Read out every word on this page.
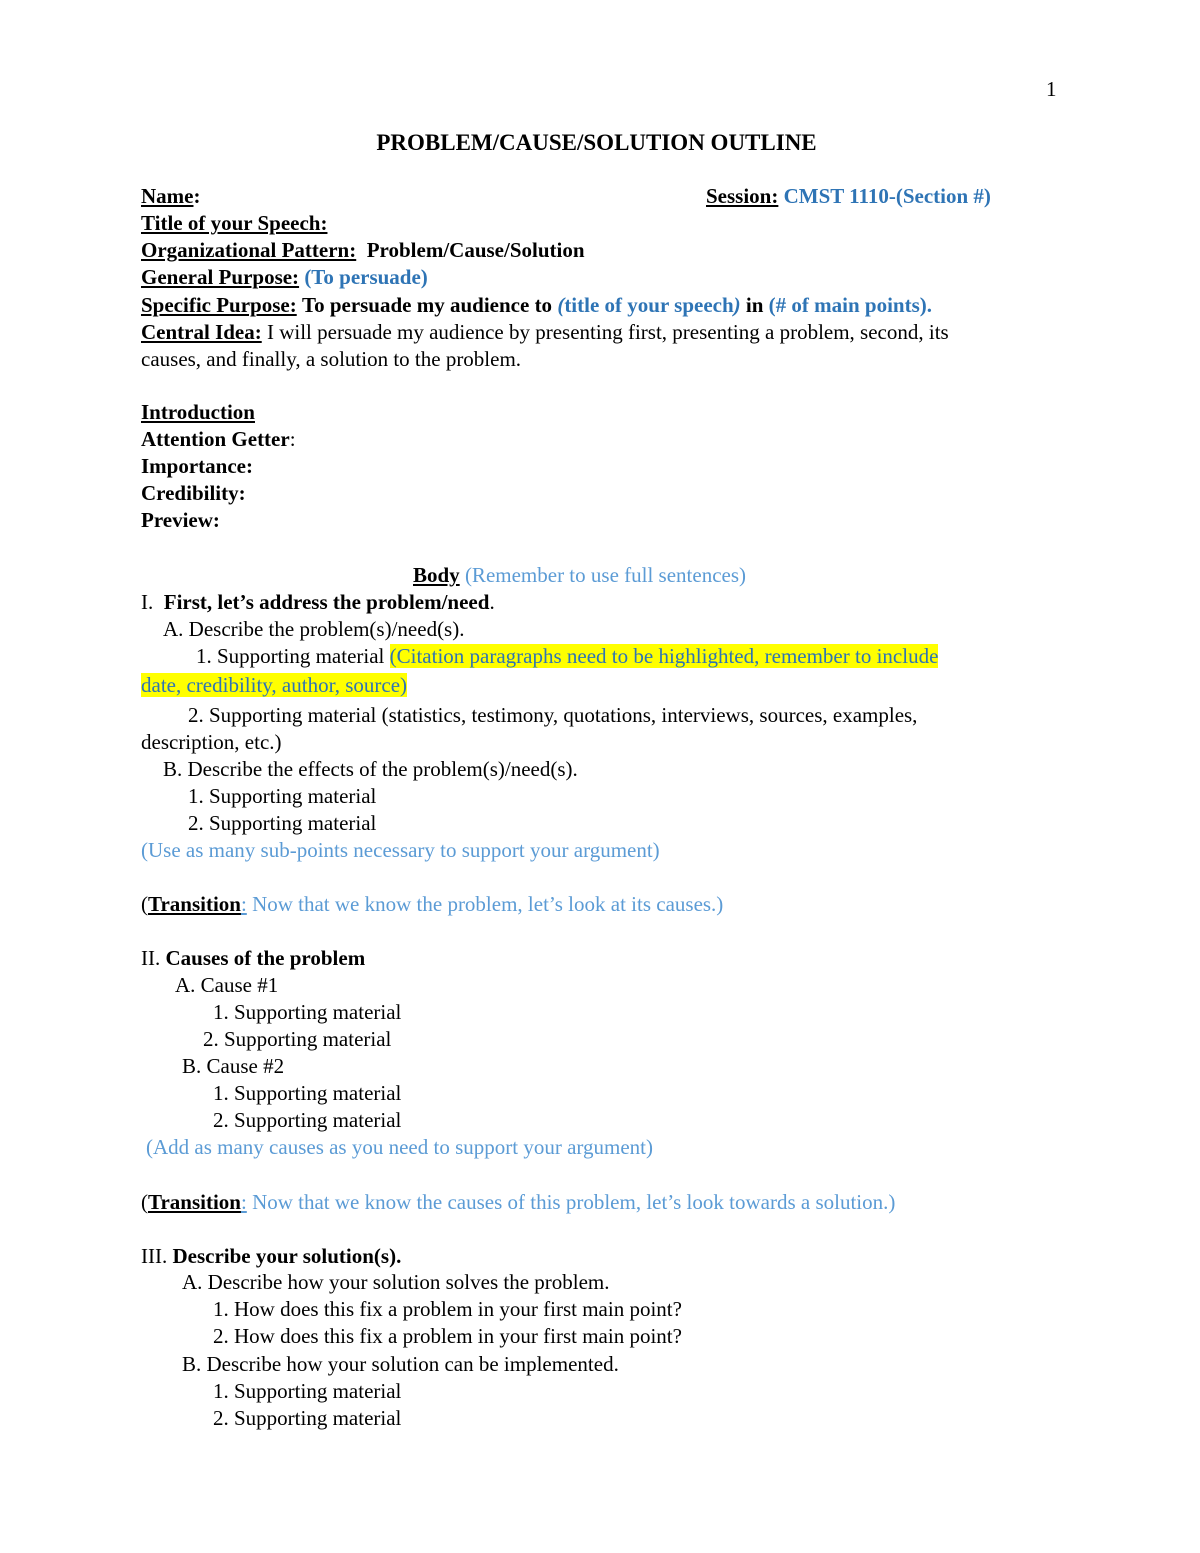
1
PROBLEM/CAUSE/SOLUTION OUTLINE
Name:	Session: CMST 1110-(Section #)
Title of your Speech:
Organizational Pattern: Problem/Cause/Solution
General Purpose: (To persuade)
Specific Purpose: To persuade my audience to (title of your speech) in (# of main points).
Central Idea: I will persuade my audience by presenting first, presenting a problem, second, its
causes, and finally, a solution to the problem.
Introduction
Attention Getter:
Importance:
Credibility:
Preview:
Body (Remember to use full sentences)
I. First, let’s address the problem/need.
A. Describe the problem(s)/need(s).
1. Supporting material (Citation paragraphs need to be highlighted, remember to include
date, credibility, author, source)
2. Supporting material (statistics, testimony, quotations, interviews, sources, examples,
description, etc.)
B. Describe the effects of the problem(s)/need(s).
1. Supporting material
2. Supporting material
(Use as many sub-points necessary to support your argument)
(Transition: Now that we know the problem, let’s look at its causes.)
II. Causes of the problem
A. Cause #1
1. Supporting material
2. Supporting material
B. Cause #2
1. Supporting material
2. Supporting material
(Add as many causes as you need to support your argument)
(Transition: Now that we know the causes of this problem, let’s look towards a solution.)
III. Describe your solution(s).
A. Describe how your solution solves the problem.
1. How does this fix a problem in your first main point?
2. How does this fix a problem in your first main point?
B. Describe how your solution can be implemented.
1. Supporting material
2. Supporting material
